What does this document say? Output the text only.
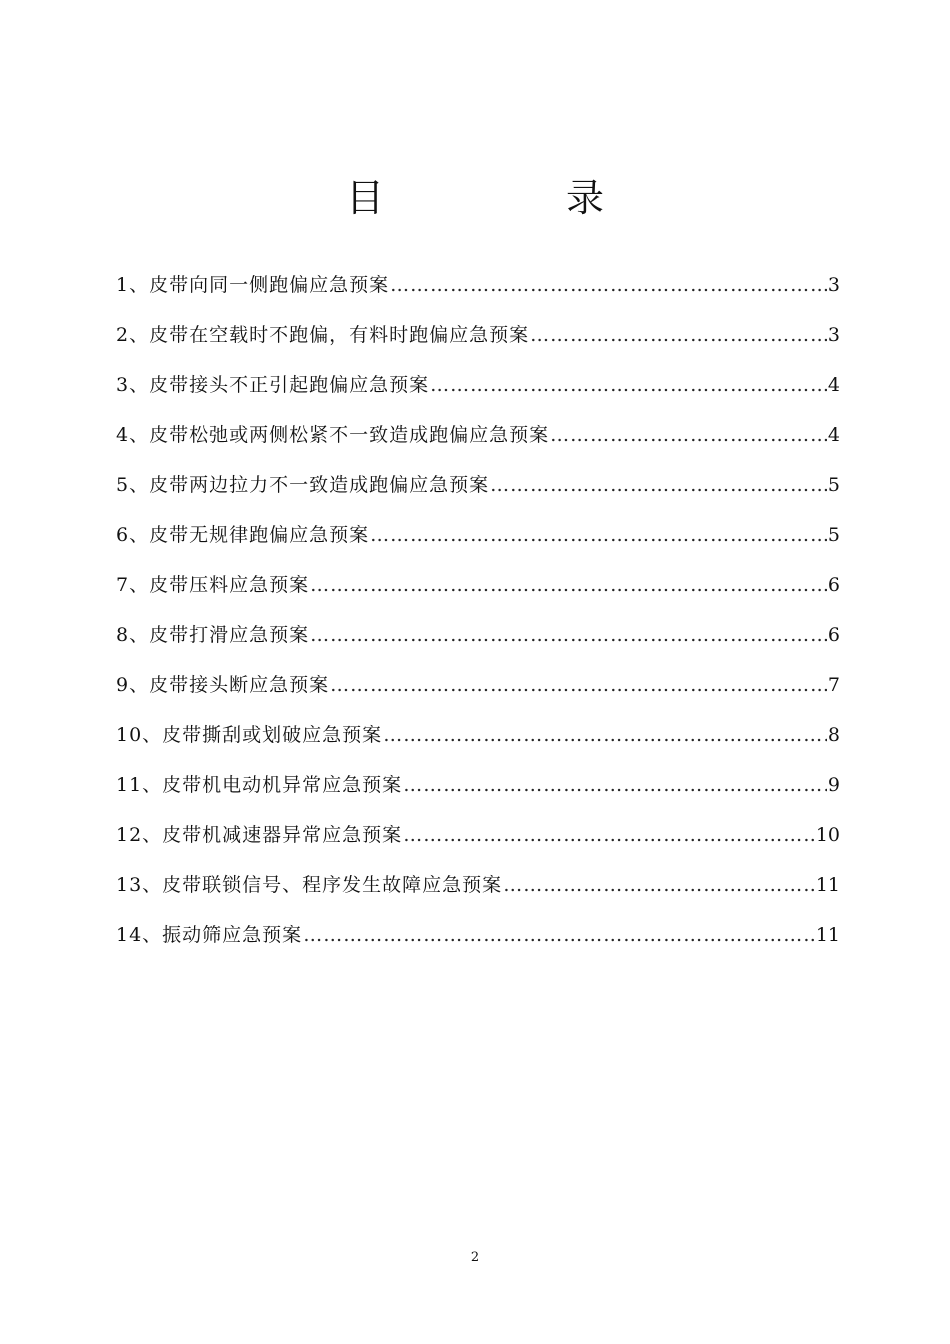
目　录
1、皮带向同一侧跑偏应急预案 ………………………………………………………………………………………………………………………………………………………………	3
2、皮带在空载时不跑偏，有料时跑偏应急预案 ………………………………………………………………………………………………………………………………………………………………	3
3、皮带接头不正引起跑偏应急预案 ………………………………………………………………………………………………………………………………………………………………	4
4、皮带松弛或两侧松紧不一致造成跑偏应急预案 ………………………………………………………………………………………………………………………………………………………………	4
5、皮带两边拉力不一致造成跑偏应急预案 ………………………………………………………………………………………………………………………………………………………………	5
6、皮带无规律跑偏应急预案 ………………………………………………………………………………………………………………………………………………………………	5
7、皮带压料应急预案 ………………………………………………………………………………………………………………………………………………………………	6
8、皮带打滑应急预案 ………………………………………………………………………………………………………………………………………………………………	6
9、皮带接头断应急预案 ………………………………………………………………………………………………………………………………………………………………	7
10、皮带撕刮或划破应急预案 ………………………………………………………………………………………………………………………………………………………………	8
11、皮带机电动机异常应急预案 ………………………………………………………………………………………………………………………………………………………………	9
12、皮带机减速器异常应急预案 ………………………………………………………………………………………………………………………………………………………………	10
13、皮带联锁信号、程序发生故障应急预案 ………………………………………………………………………………………………………………………………………………………………	11
14、振动筛应急预案 ………………………………………………………………………………………………………………………………………………………………	11
2
